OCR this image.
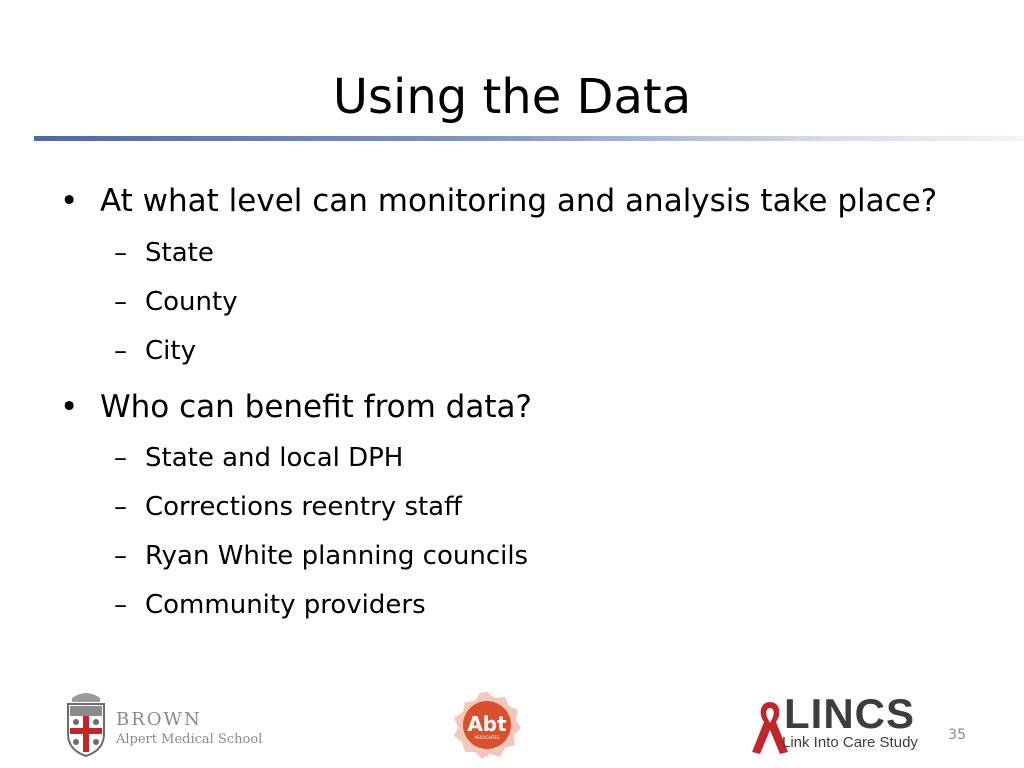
Using the Data
• At what level can monitoring and analysis take place?
– State
– County
– City
• Who can benefit from data?
– State and local DPH
– Corrections reentry staff
– Ryan White planning councils
– Community providers
BROWN
Alpert Medical School
Abt
ASSOCIATES
LINCS
Link Into Care Study	35
